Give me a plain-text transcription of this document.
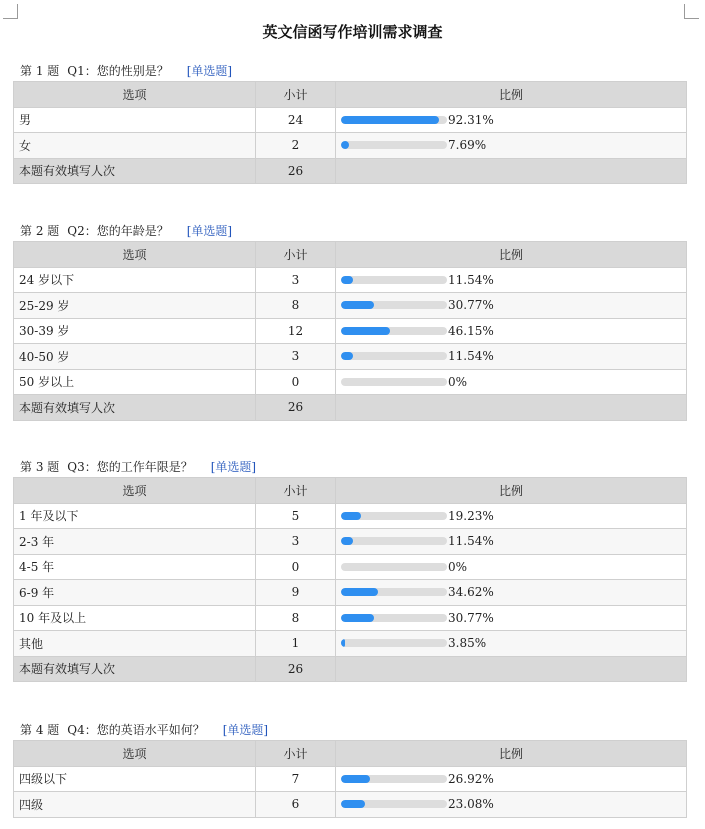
英文信函写作培训需求调查
第 1 题 Q1：您的性别是？ [单选题]
选项	小计	比例
男	24	92.31%

女	2	7.69%

本题有效填写人次	26	
第 2 题 Q2：您的年龄是？ [单选题]
选项	小计	比例
24 岁以下	3	11.54%

25-29 岁	8	30.77%

30-39 岁	12	46.15%

40-50 岁	3	11.54%

50 岁以上	0	0%

本题有效填写人次	26	
第 3 题 Q3：您的工作年限是？ [单选题]
选项	小计	比例
1 年及以下	5	19.23%

2-3 年	3	11.54%

4-5 年	0	0%

6-9 年	9	34.62%

10 年及以上	8	30.77%

其他	1	3.85%

本题有效填写人次	26	
第 4 题 Q4：您的英语水平如何？ [单选题]
选项	小计	比例
四级以下	7	26.92%

四级	6	23.08%
